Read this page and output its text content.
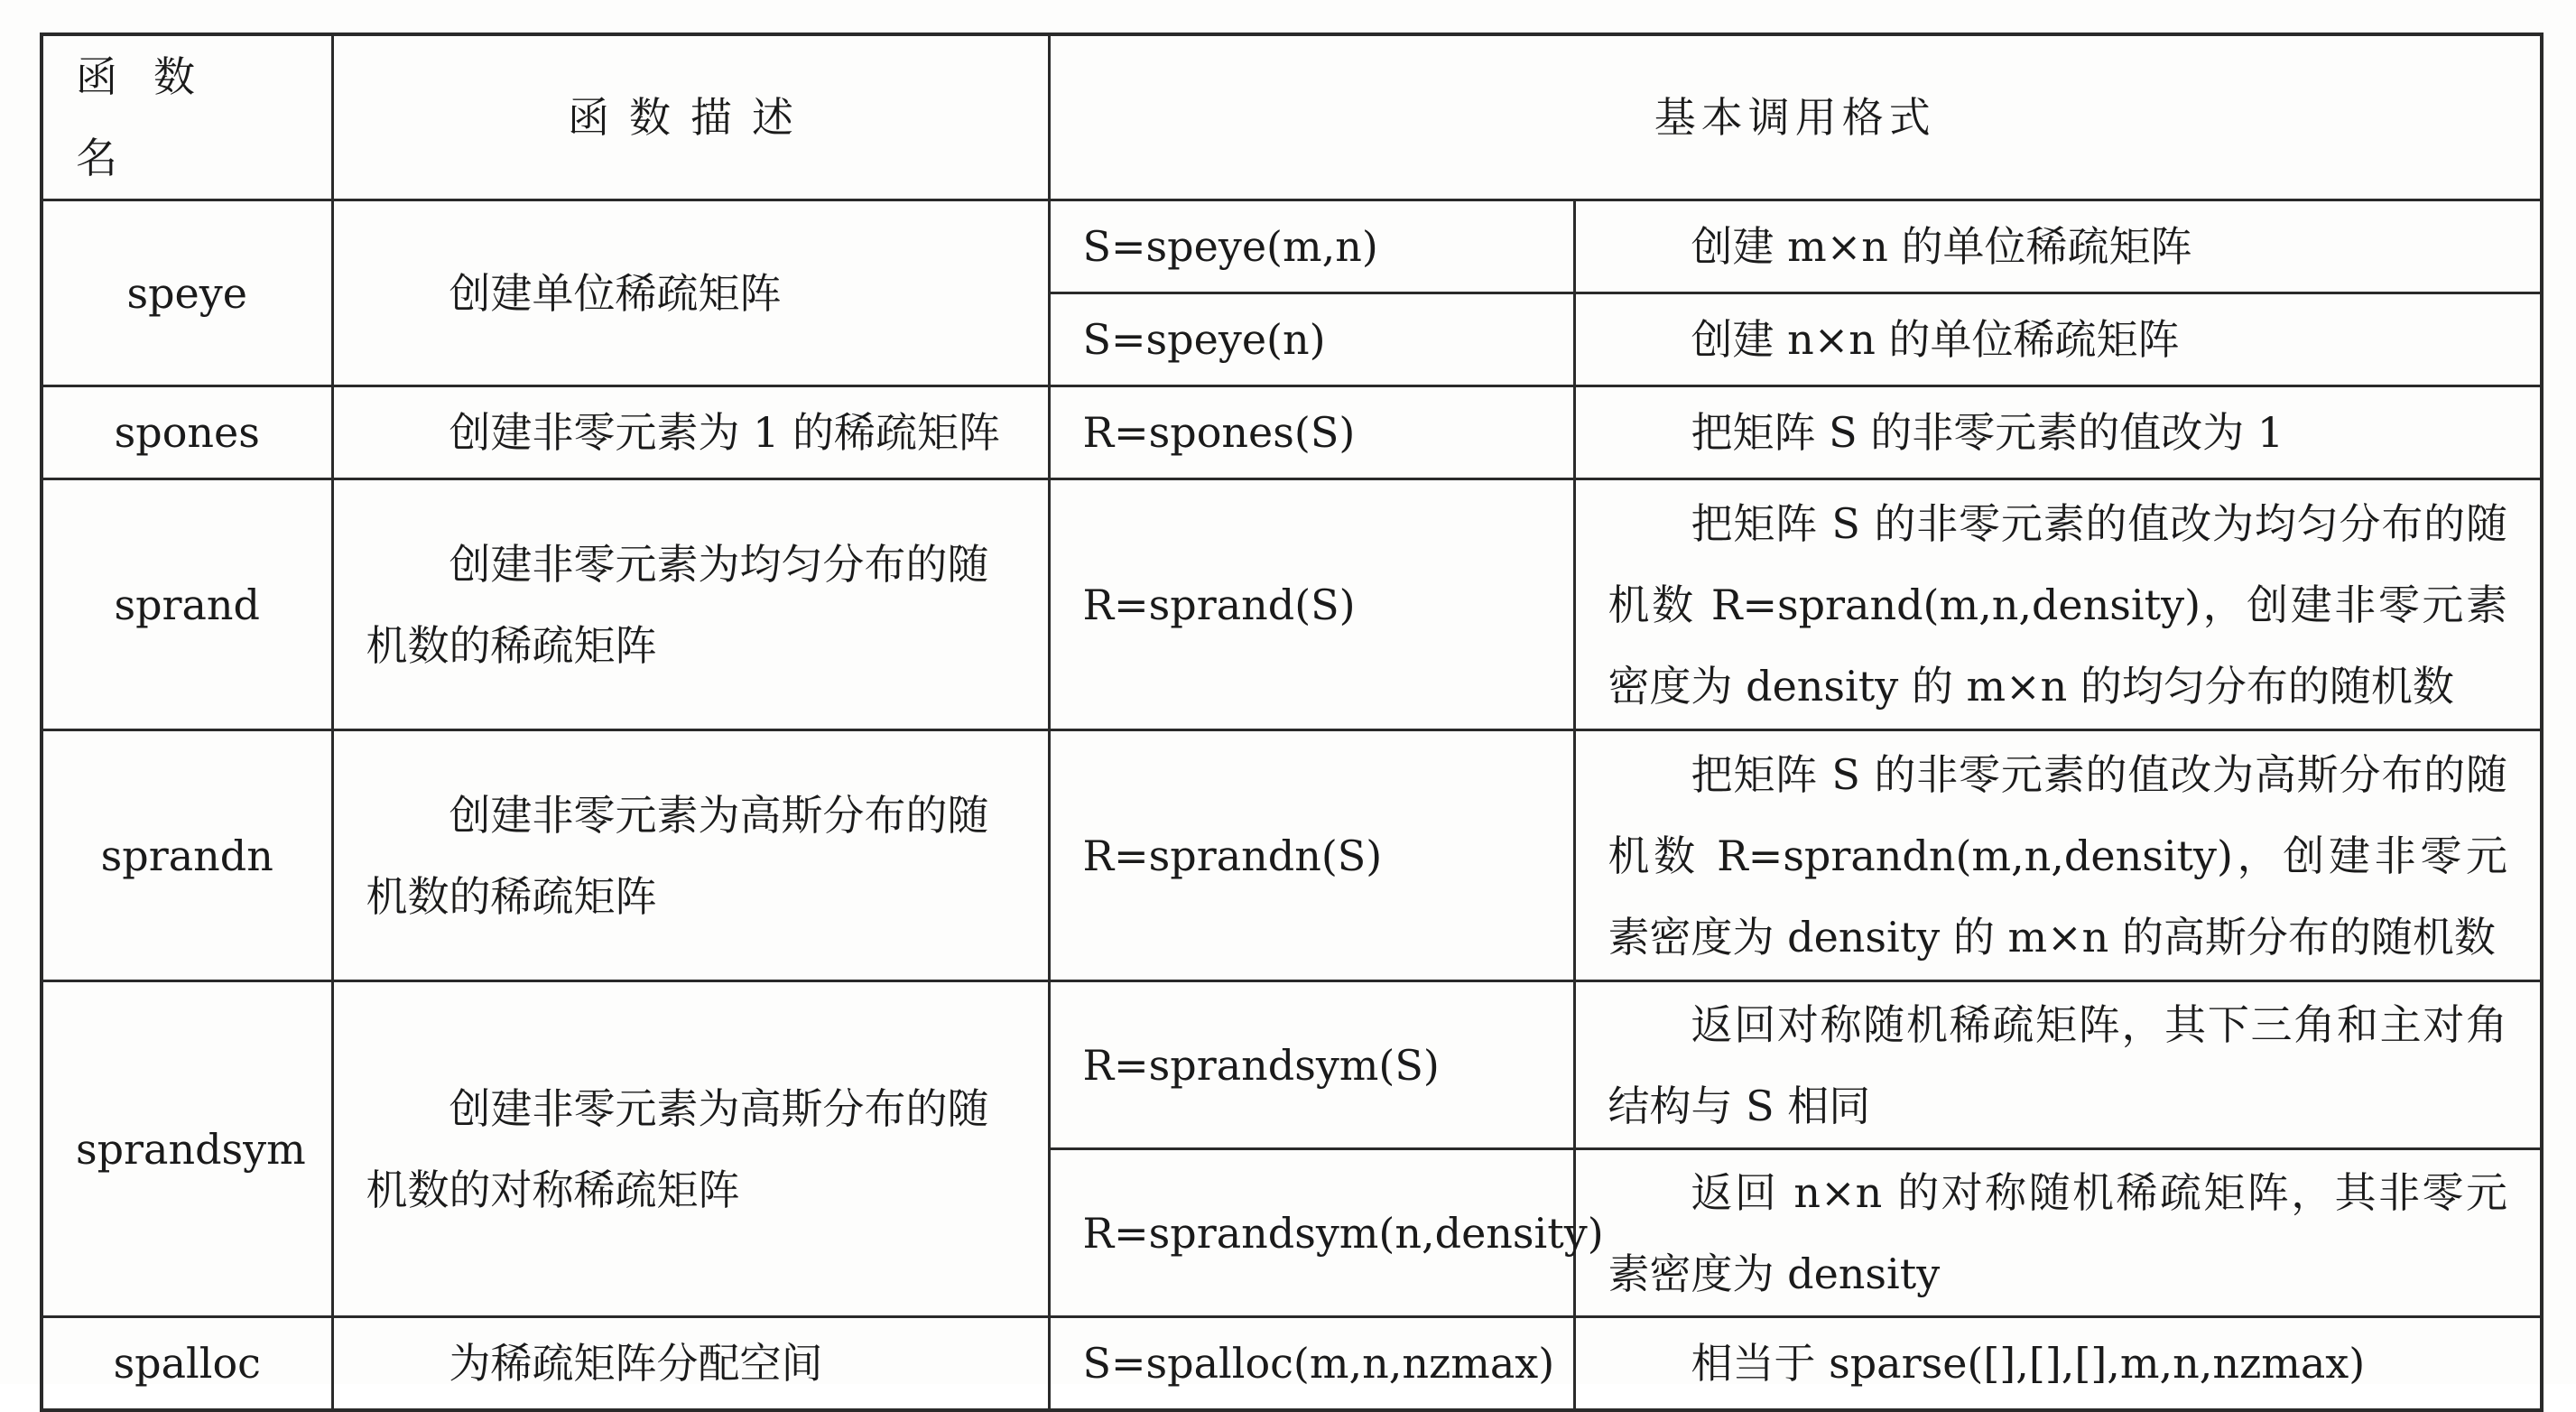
函数名	函数描述	基本调用格式	
speye	创建单位稀疏矩阵	S=speye(m,n)	创建 m×n 的单位稀疏矩阵
		S=speye(n)	创建 n×n 的单位稀疏矩阵
spones	创建非零元素为 1 的稀疏矩阵	R=spones(S)	把矩阵 S 的非零元素的值改为 1
sprand	创建非零元素为均匀分布的随机数的稀疏矩阵	R=sprand(S)	把矩阵 S 的非零元素的值改为均匀分布的随机数 R=sprand(m,n,density)，创建非零元素密度为 density 的 m×n 的均匀分布的随机数
sprandn	创建非零元素为高斯分布的随机数的稀疏矩阵	R=sprandn(S)	把矩阵 S 的非零元素的值改为高斯分布的随机数 R=sprandn(m,n,density)，创建非零元素密度为 density 的 m×n 的高斯分布的随机数
sprandsym	创建非零元素为高斯分布的随机数的对称稀疏矩阵	R=sprandsym(S)	返回对称随机稀疏矩阵，其下三角和主对角结构与 S 相同
		R=sprandsym(n,density)	返回 n×n 的对称随机稀疏矩阵，其非零元素密度为 density
spalloc	为稀疏矩阵分配空间	S=spalloc(m,n,nzmax)	相当于 sparse([],[],[],m,n,nzmax)
